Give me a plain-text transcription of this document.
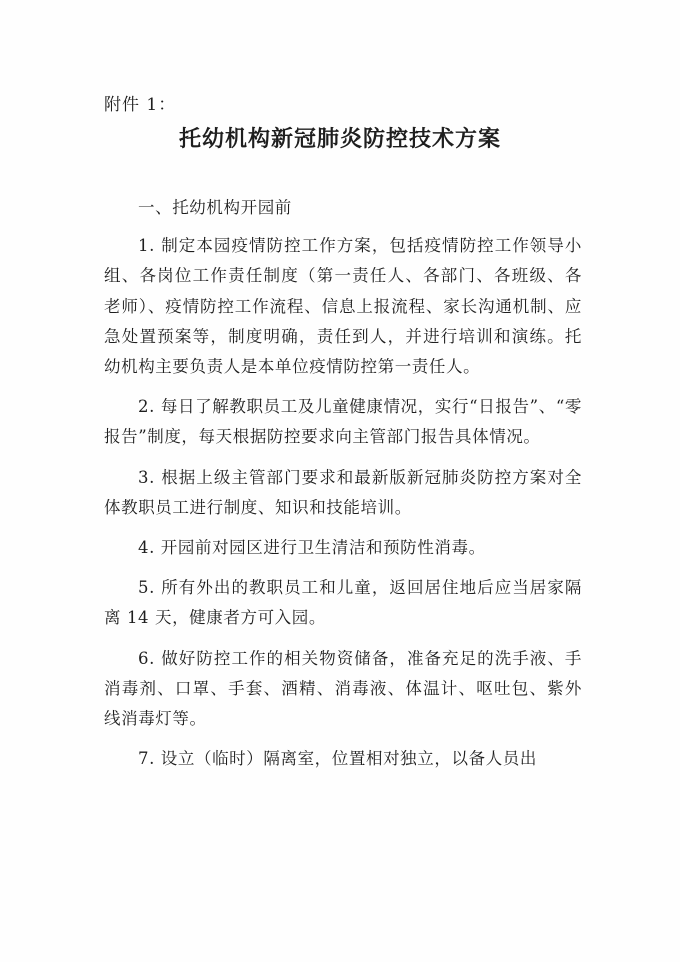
附件 1：
托幼机构新冠肺炎防控技术方案

一、托幼机构开园前

1. 制定本园疫情防控工作方案，包括疫情防控工作领导小组、各岗位工作责任制度（第一责任人、各部门、各班级、各老师）、疫情防控工作流程、信息上报流程、家长沟通机制、应急处置预案等，制度明确，责任到人，并进行培训和演练。托幼机构主要负责人是本单位疫情防控第一责任人。

2. 每日了解教职员工及儿童健康情况，实行“日报告”、“零报告”制度，每天根据防控要求向主管部门报告具体情况。

3. 根据上级主管部门要求和最新版新冠肺炎防控方案对全体教职员工进行制度、知识和技能培训。

4. 开园前对园区进行卫生清洁和预防性消毒。

5. 所有外出的教职员工和儿童，返回居住地后应当居家隔离 14 天，健康者方可入园。

6. 做好防控工作的相关物资储备，准备充足的洗手液、手消毒剂、口罩、手套、酒精、消毒液、体温计、呕吐包、紫外线消毒灯等。

7. 设立（临时）隔离室，位置相对独立，以备人员出
